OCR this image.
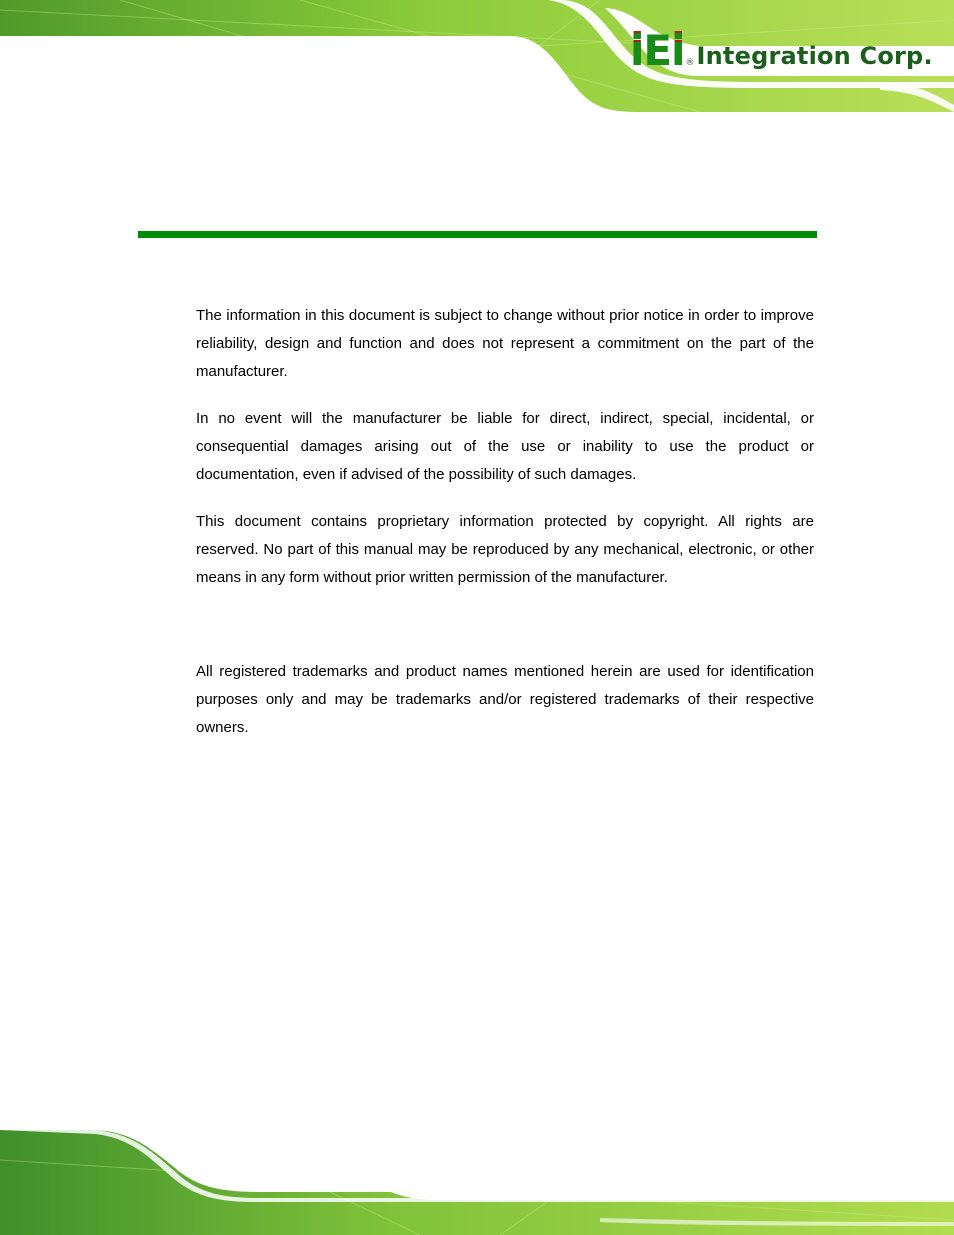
iEi ® Integration Corp.

The information in this document is subject to change without prior notice in order to improve reliability, design and function and does not represent a commitment on the part of the manufacturer.

In no event will the manufacturer be liable for direct, indirect, special, incidental, or consequential damages arising out of the use or inability to use the product or documentation, even if advised of the possibility of such damages.

This document contains proprietary information protected by copyright. All rights are reserved. No part of this manual may be reproduced by any mechanical, electronic, or other means in any form without prior written permission of the manufacturer.

All registered trademarks and product names mentioned herein are used for identification purposes only and may be trademarks and/or registered trademarks of their respective owners.
